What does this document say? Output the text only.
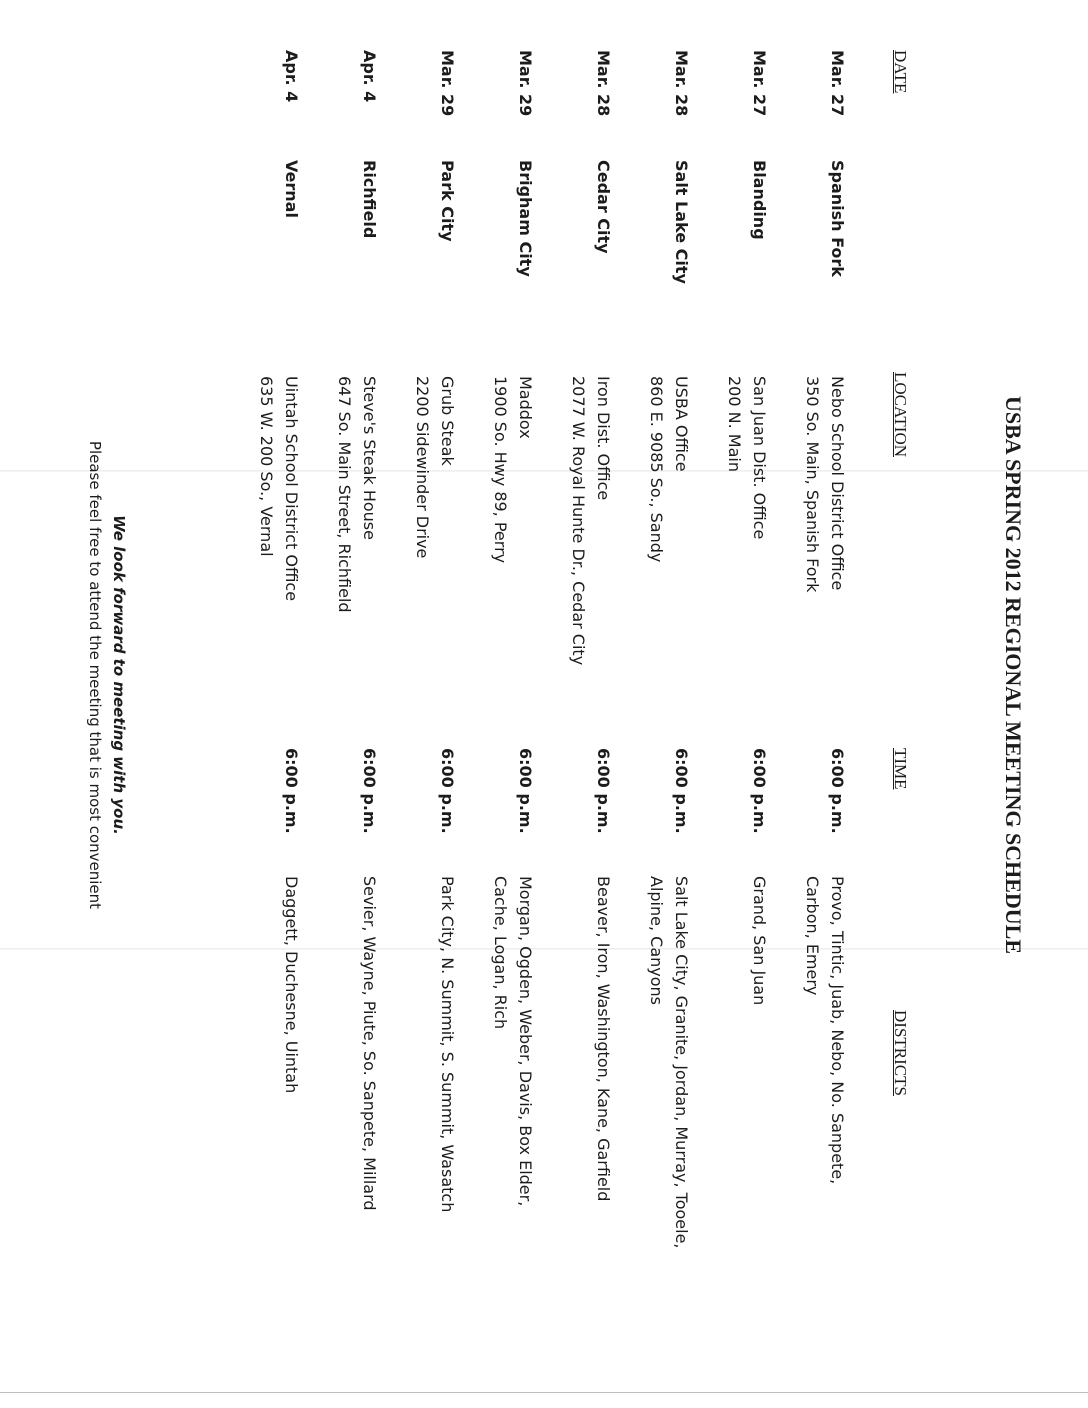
USBA SPRING 2012 REGIONAL MEETING SCHEDULE
DATE
LOCATION
TIME
DISTRICTS
Mar. 27
Spanish Fork
Nebo School District Office
350 So. Main, Spanish Fork
6:00 p.m.
Provo, Tintic, Juab, Nebo, No. Sanpete,
Carbon, Emery
Mar. 27
Blanding
San Juan Dist. Office
200 N. Main
6:00 p.m.
Grand, San Juan
Mar. 28
Salt Lake City
USBA Office
860 E. 9085 So., Sandy
6:00 p.m.
Salt Lake City, Granite, Jordan, Murray, Tooele,
Alpine, Canyons
Mar. 28
Cedar City
Iron Dist. Office
2077 W. Royal Hunte Dr., Cedar City
6:00 p.m.
Beaver, Iron, Washington, Kane, Garfield
Mar. 29
Brigham City
Maddox
1900 So. Hwy 89, Perry
6:00 p.m.
Morgan, Ogden, Weber, Davis, Box Elder,
Cache, Logan, Rich
Mar. 29
Park City
Grub Steak
2200 Sidewinder Drive
6:00 p.m.
Park City, N. Summit, S. Summit, Wasatch
Apr. 4
Richfield
Steve's Steak House
647 So. Main Street, Richfield
6:00 p.m.
Sevier, Wayne, Piute, So. Sanpete, Millard
Apr. 4
Vernal
Uintah School District Office
635 W. 200 So., Vernal
6:00 p.m.
Daggett, Duchesne, Uintah

We look forward to meeting with you.

Please feel free to attend the meeting that is most convenient
